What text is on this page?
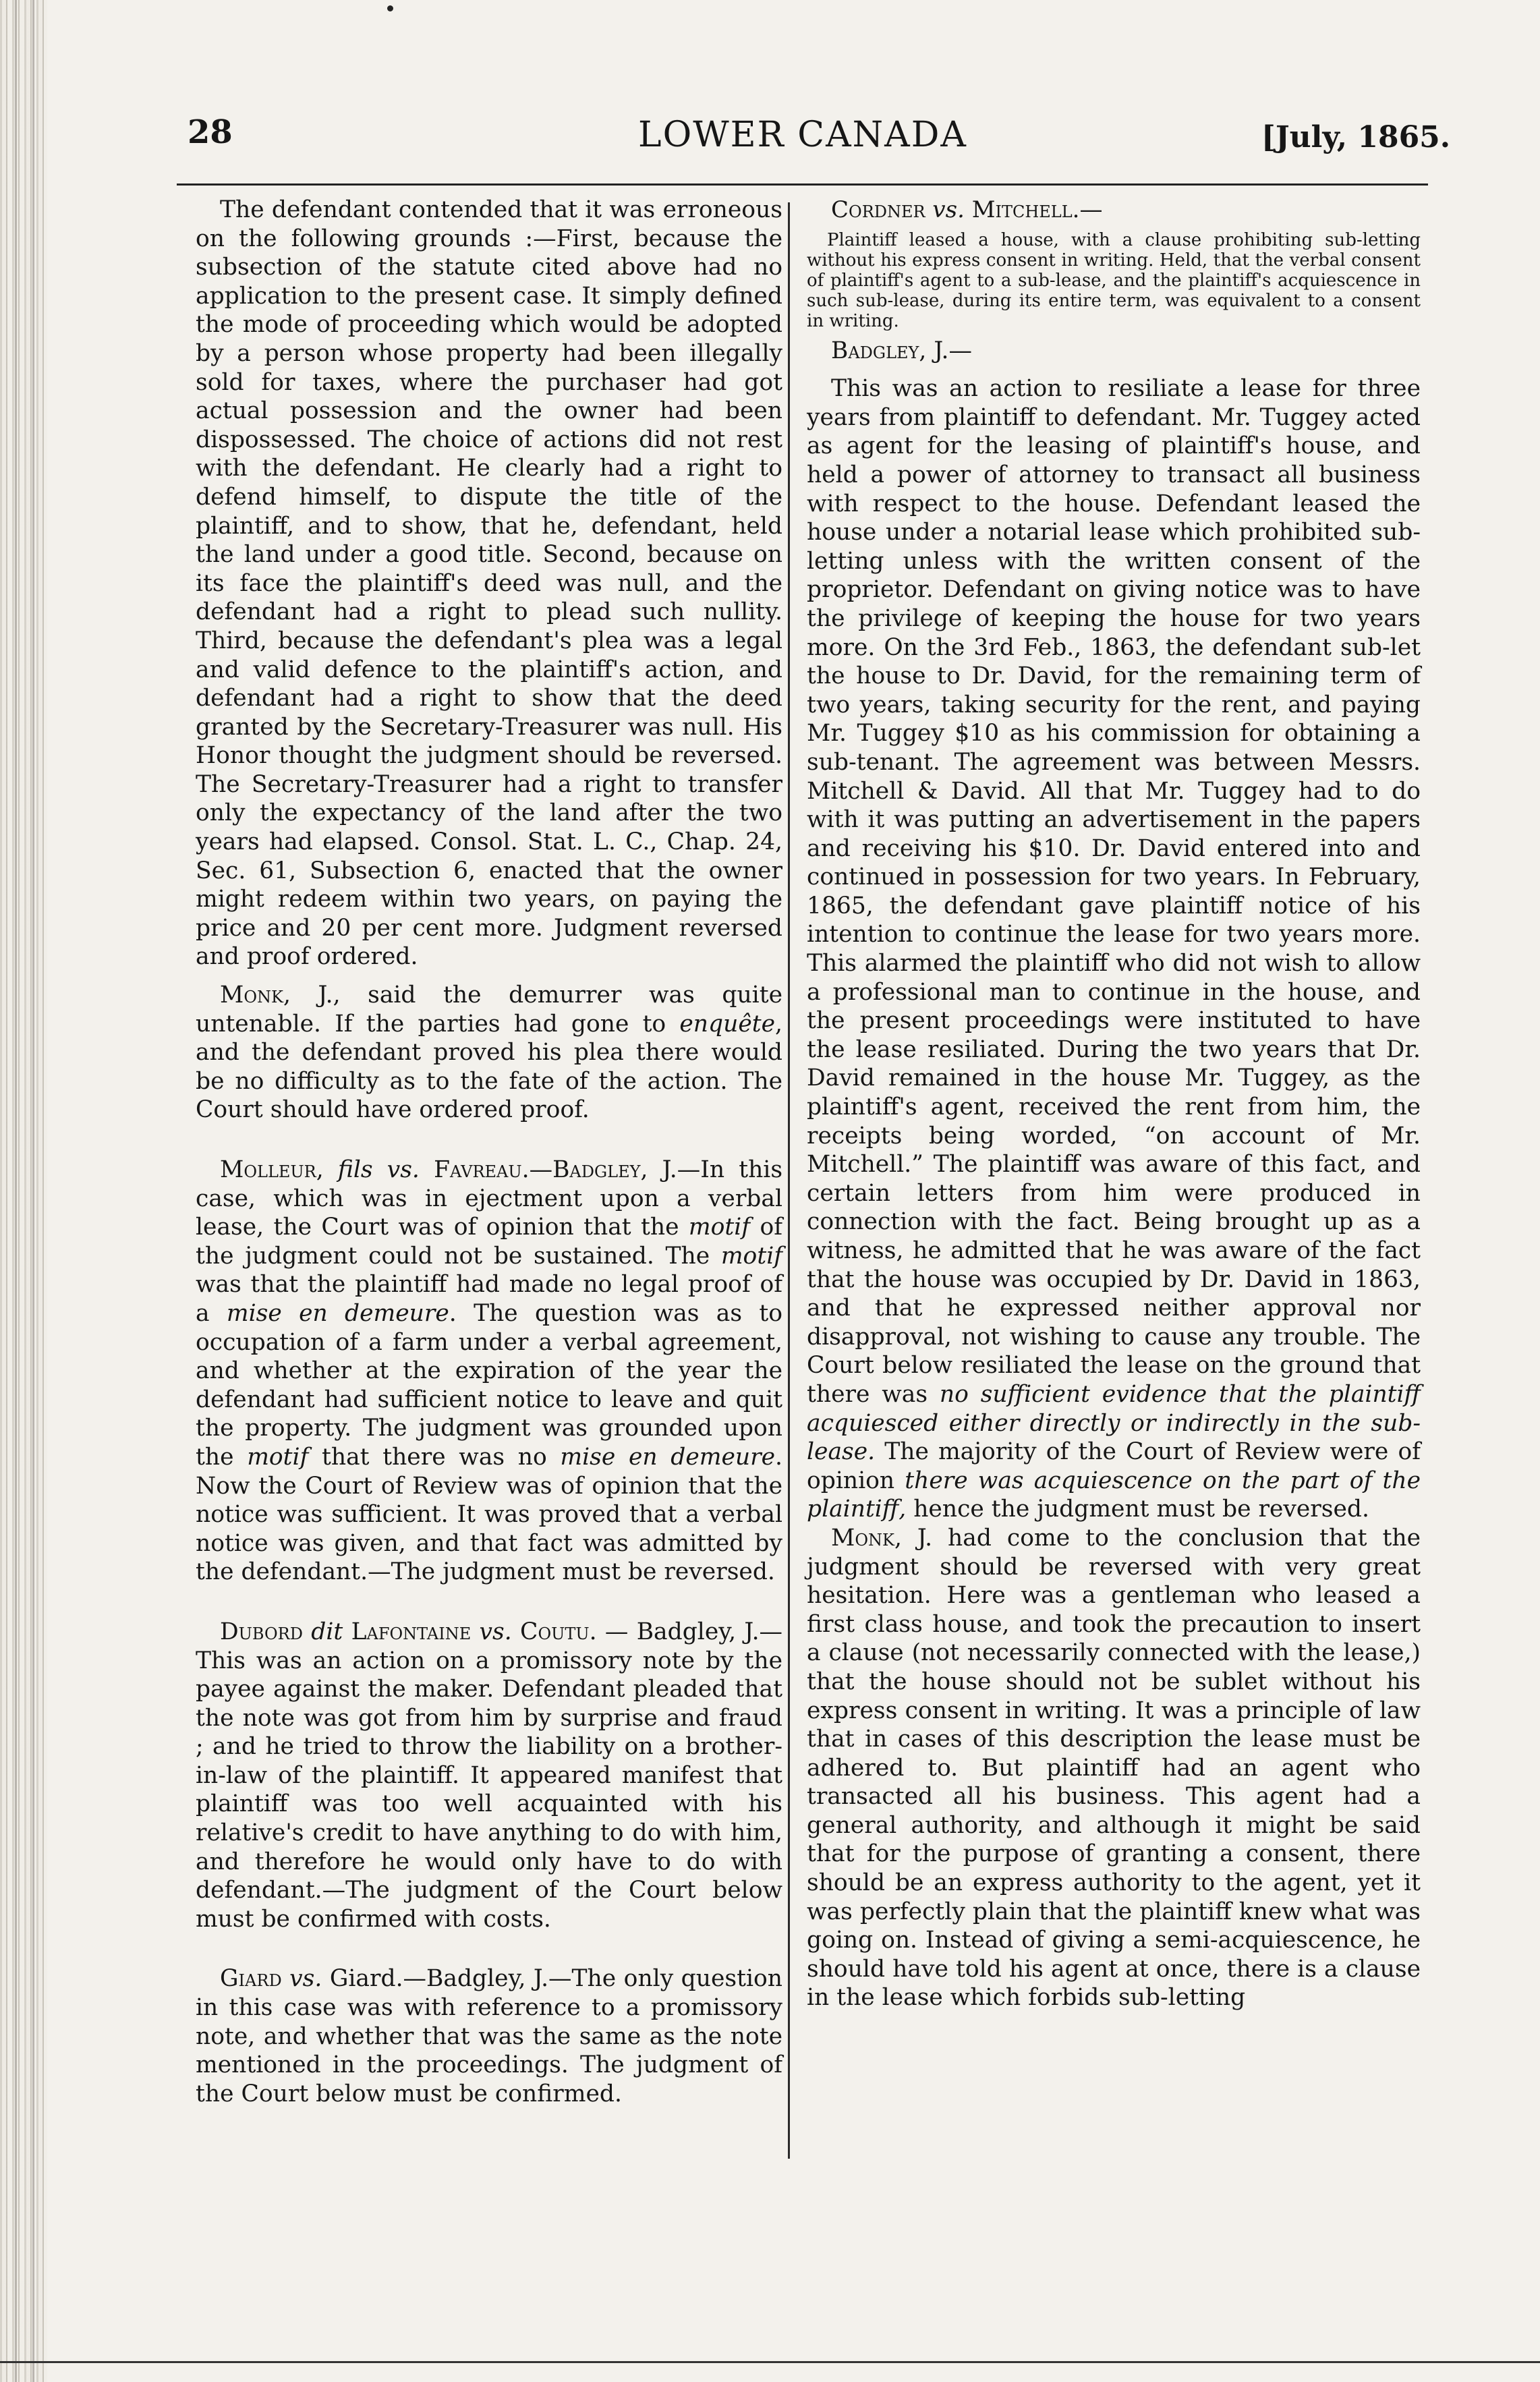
28	LOWER CANADA	[July, 1865.

The defendant contended that it was erroneous on the following grounds :—First, because the subsection of the statute cited above had no application to the present case. It simply defined the mode of proceeding which would be adopted by a person whose property had been illegally sold for taxes, where the purchaser had got actual possession and the owner had been dispossessed. The choice of actions did not rest with the defendant. He clearly had a right to defend himself, to dispute the title of the plaintiff, and to show, that he, defendant, held the land under a good title. Second, because on its face the plaintiff's deed was null, and the defendant had a right to plead such nullity. Third, because the defendant's plea was a legal and valid defence to the plaintiff's action, and defendant had a right to show that the deed granted by the Secretary-Treasurer was null. His Honor thought the judgment should be reversed. The Secretary-Treasurer had a right to transfer only the expectancy of the land after the two years had elapsed. Consol. Stat. L. C., Chap. 24, Sec. 61, Subsection 6, enacted that the owner might redeem within two years, on paying the price and 20 per cent more. Judgment reversed and proof ordered.

Monk, J., said the demurrer was quite untenable. If the parties had gone to enquête, and the defendant proved his plea there would be no difficulty as to the fate of the action. The Court should have ordered proof.

Molleur, fils vs. Favreau.—Badgley, J.—In this case, which was in ejectment upon a verbal lease, the Court was of opinion that the motif of the judgment could not be sustained. The motif was that the plaintiff had made no legal proof of a mise en demeure. The question was as to occupation of a farm under a verbal agreement, and whether at the expiration of the year the defendant had sufficient notice to leave and quit the property. The judgment was grounded upon the motif that there was no mise en demeure. Now the Court of Review was of opinion that the notice was sufficient. It was proved that a verbal notice was given, and that fact was admitted by the defendant.—The judgment must be reversed.

Dubord dit Lafontaine vs. Coutu. — Badgley, J.—This was an action on a promissory note by the payee against the maker. Defendant pleaded that the note was got from him by surprise and fraud ; and he tried to throw the liability on a brother-in-law of the plaintiff. It appeared manifest that plaintiff was too well acquainted with his relative's credit to have anything to do with him, and therefore he would only have to do with defendant.—The judgment of the Court below must be confirmed with costs.

Giard vs. Giard.—Badgley, J.—The only question in this case was with reference to a promissory note, and whether that was the same as the note mentioned in the proceedings. The judgment of the Court below must be confirmed.

Cordner vs. Mitchell.—

Plaintiff leased a house, with a clause prohibiting sub-letting without his express consent in writing. Held, that the verbal consent of plaintiff's agent to a sub-lease, and the plaintiff's acquiescence in such sub-lease, during its entire term, was equivalent to a consent in writing.

Badgley, J.—

This was an action to resiliate a lease for three years from plaintiff to defendant. Mr. Tuggey acted as agent for the leasing of plaintiff's house, and held a power of attorney to transact all business with respect to the house. Defendant leased the house under a notarial lease which prohibited sub-letting unless with the written consent of the proprietor. Defendant on giving notice was to have the privilege of keeping the house for two years more. On the 3rd Feb., 1863, the defendant sub-let the house to Dr. David, for the remaining term of two years, taking security for the rent, and paying Mr. Tuggey $10 as his commission for obtaining a sub-tenant. The agreement was between Messrs. Mitchell & David. All that Mr. Tuggey had to do with it was putting an advertisement in the papers and receiving his $10. Dr. David entered into and continued in possession for two years. In February, 1865, the defendant gave plaintiff notice of his intention to continue the lease for two years more. This alarmed the plaintiff who did not wish to allow a professional man to continue in the house, and the present proceedings were instituted to have the lease resiliated. During the two years that Dr. David remained in the house Mr. Tuggey, as the plaintiff's agent, received the rent from him, the receipts being worded, “on account of Mr. Mitchell.” The plaintiff was aware of this fact, and certain letters from him were produced in connection with the fact. Being brought up as a witness, he admitted that he was aware of the fact that the house was occupied by Dr. David in 1863, and that he expressed neither approval nor disapproval, not wishing to cause any trouble. The Court below resiliated the lease on the ground that there was no sufficient evidence that the plaintiff acquiesced either directly or indirectly in the sub-lease. The majority of the Court of Review were of opinion there was acquiescence on the part of the plaintiff, hence the judgment must be reversed.

Monk, J. had come to the conclusion that the judgment should be reversed with very great hesitation. Here was a gentleman who leased a first class house, and took the precaution to insert a clause (not necessarily connected with the lease,) that the house should not be sublet without his express consent in writing. It was a principle of law that in cases of this description the lease must be adhered to. But plaintiff had an agent who transacted all his business. This agent had a general authority, and although it might be said that for the purpose of granting a consent, there should be an express authority to the agent, yet it was perfectly plain that the plaintiff knew what was going on. Instead of giving a semi-acquiescence, he should have told his agent at once, there is a clause in the lease which forbids sub-letting
